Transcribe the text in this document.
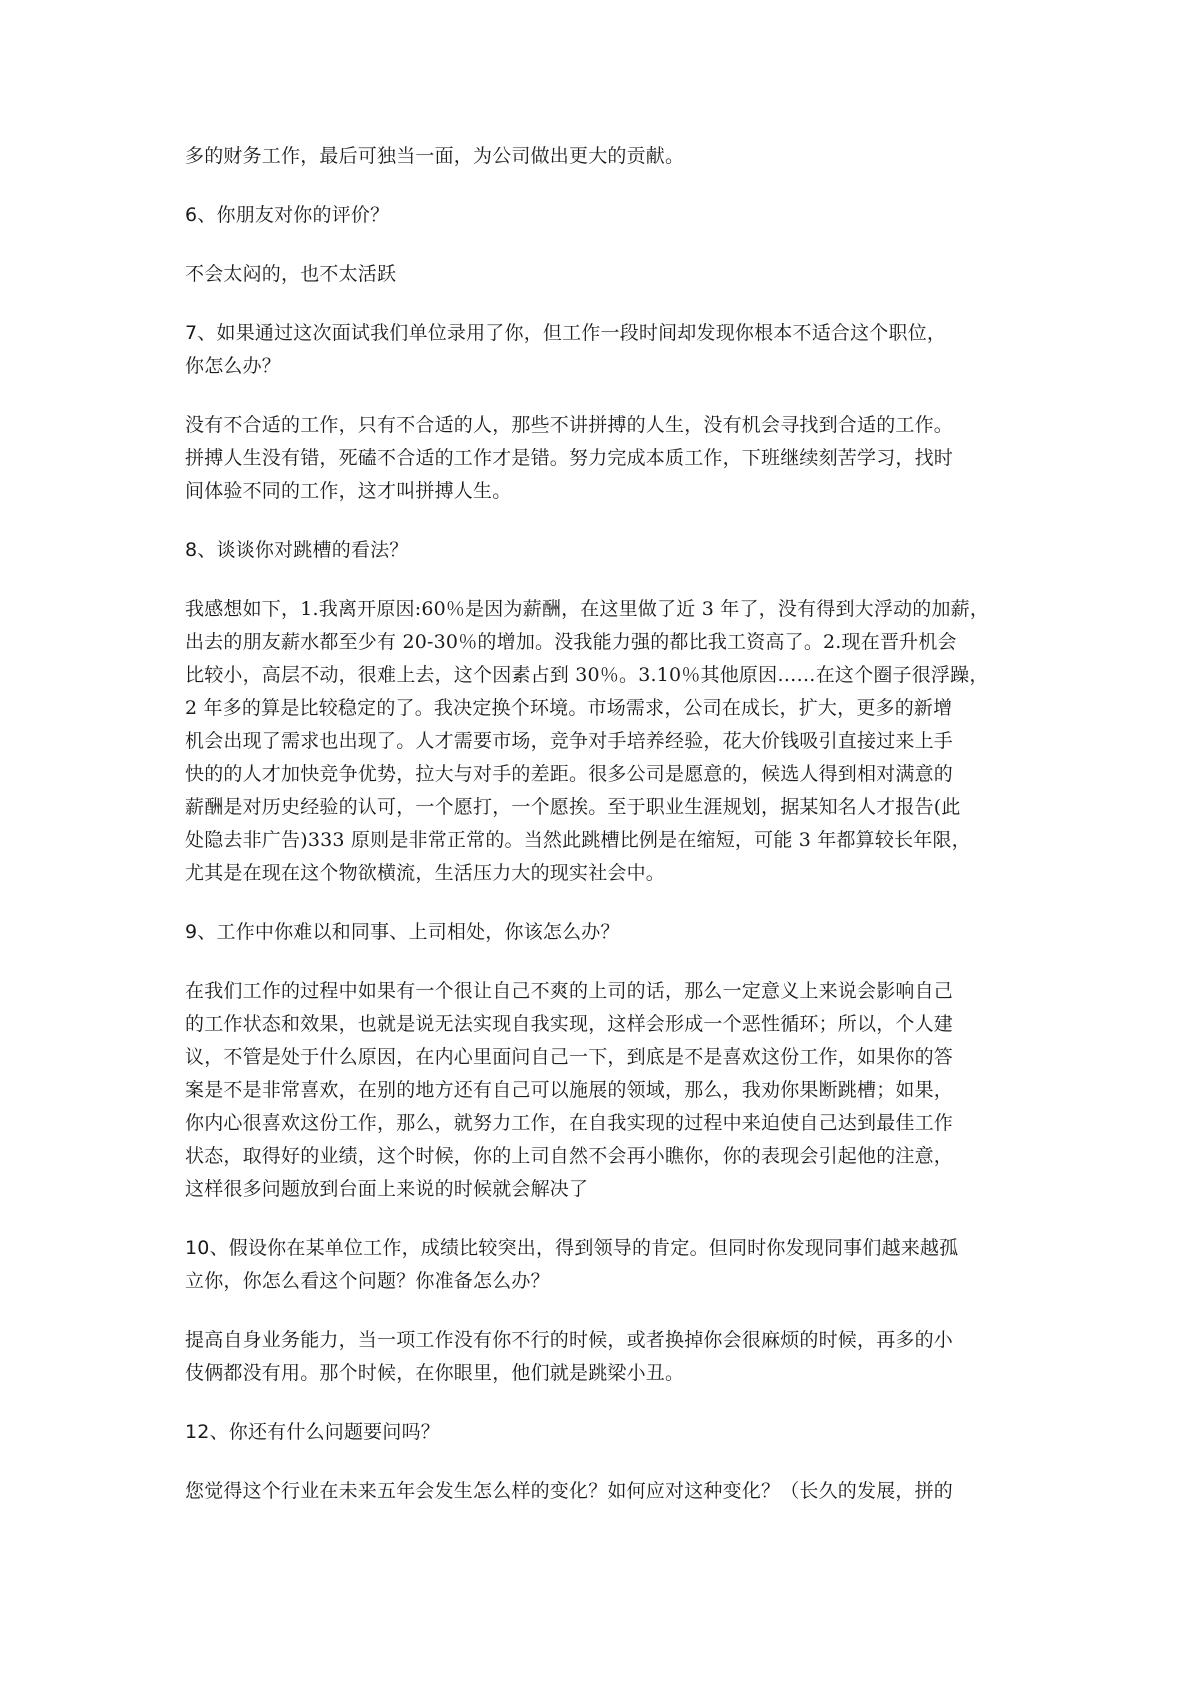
多的财务工作，最后可独当一面，为公司做出更大的贡献。

6、你朋友对你的评价？

不会太闷的，也不太活跃

7、如果通过这次面试我们单位录用了你，但工作一段时间却发现你根本不适合这个职位，
你怎么办？

没有不合适的工作，只有不合适的人，那些不讲拼搏的人生，没有机会寻找到合适的工作。
拼搏人生没有错，死磕不合适的工作才是错。努力完成本质工作，下班继续刻苦学习，找时
间体验不同的工作，这才叫拼搏人生。

8、谈谈你对跳槽的看法？

我感想如下，1.我离开原因:60％是因为薪酬，在这里做了近 3 年了，没有得到大浮动的加薪，
出去的朋友薪水都至少有 20-30％的增加。没我能力强的都比我工资高了。2.现在晋升机会
比较小，高层不动，很难上去，这个因素占到 30％。3.10％其他原因……在这个圈子很浮躁，
2 年多的算是比较稳定的了。我决定换个环境。市场需求，公司在成长，扩大，更多的新增
机会出现了需求也出现了。人才需要市场，竞争对手培养经验，花大价钱吸引直接过来上手
快的的人才加快竞争优势，拉大与对手的差距。很多公司是愿意的，候选人得到相对满意的
薪酬是对历史经验的认可，一个愿打，一个愿挨。至于职业生涯规划，据某知名人才报告(此
处隐去非广告)333 原则是非常正常的。当然此跳槽比例是在缩短，可能 3 年都算较长年限，
尤其是在现在这个物欲横流，生活压力大的现实社会中。

9、工作中你难以和同事、上司相处，你该怎么办？

在我们工作的过程中如果有一个很让自己不爽的上司的话，那么一定意义上来说会影响自己
的工作状态和效果，也就是说无法实现自我实现，这样会形成一个恶性循环；所以，个人建
议，不管是处于什么原因，在内心里面问自己一下，到底是不是喜欢这份工作，如果你的答
案是不是非常喜欢，在别的地方还有自己可以施展的领域，那么，我劝你果断跳槽；如果，
你内心很喜欢这份工作，那么，就努力工作，在自我实现的过程中来迫使自己达到最佳工作
状态，取得好的业绩，这个时候，你的上司自然不会再小瞧你，你的表现会引起他的注意，
这样很多问题放到台面上来说的时候就会解决了

10、假设你在某单位工作，成绩比较突出，得到领导的肯定。但同时你发现同事们越来越孤
立你，你怎么看这个问题？你准备怎么办？

提高自身业务能力，当一项工作没有你不行的时候，或者换掉你会很麻烦的时候，再多的小
伎俩都没有用。那个时候，在你眼里，他们就是跳梁小丑。

12、你还有什么问题要问吗？

您觉得这个行业在未来五年会发生怎么样的变化？如何应对这种变化？（长久的发展，拼的
